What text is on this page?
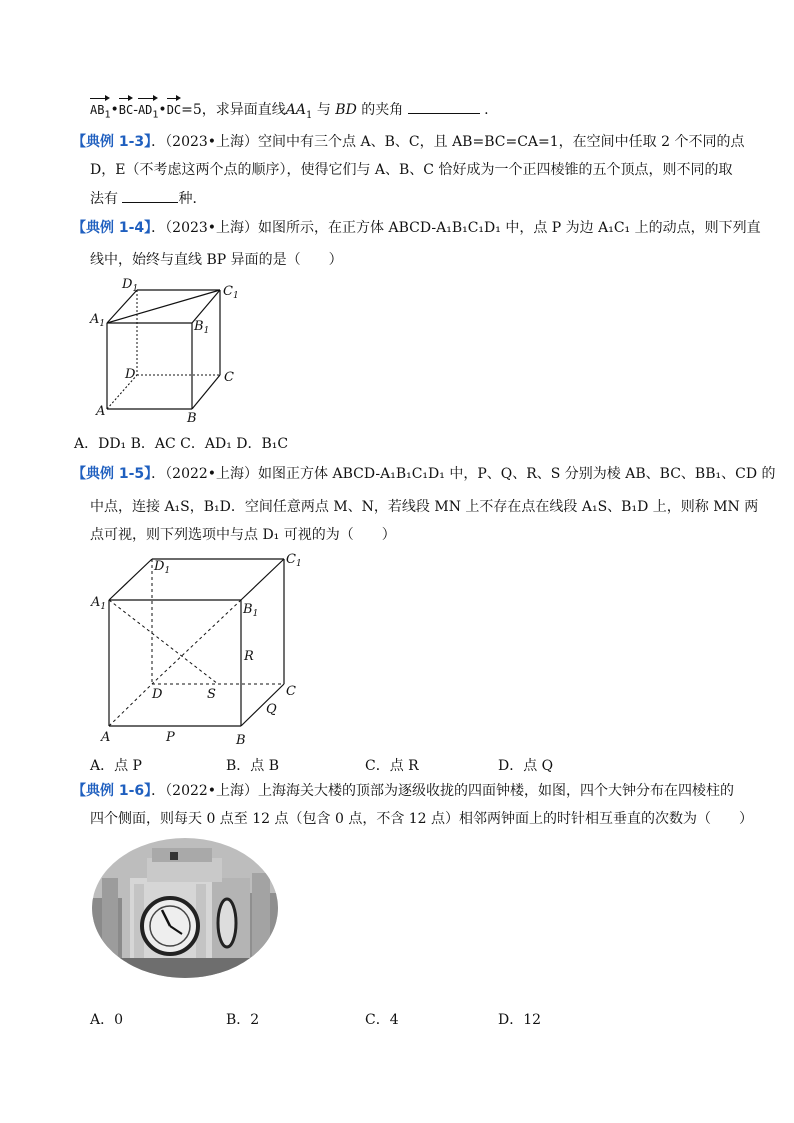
$AB_1•BC-AD_1•DC=5$，求异面直线$AA_1$ 与 BD 的夹角	.
【典例 1-3】．（2023•上海）空间中有三个点 A、B、C，且 AB=BC=CA=1，在空间中任取 2 个不同的点
D，E（不考虑这两个点的顺序），使得它们与 A、B、C 恰好成为一个正四棱锥的五个顶点，则不同的取
法有	种．
【典例 1-4】．（2023•上海）如图所示，在正方体 ABCD-A₁B₁C₁D₁ 中，点 P 为边 A₁C₁ 上的动点，则下列直
线中，始终与直线 BP 异面的是（　　）
$D_1$	$C_1$
$A_1$	$B_1$
D	C
A	B
A．DD₁ B．AC C．AD₁ D．B₁C
【典例 1-5】．（2022•上海）如图正方体 ABCD-A₁B₁C₁D₁ 中，P、Q、R、S 分别为棱 AB、BC、BB₁、CD 的
中点，连接 A₁S，B₁D．空间任意两点 M、N，若线段 MN 上不存在点在线段 A₁S、B₁D 上，则称 MN 两
点可视，则下列选项中与点 D₁ 可视的为（　　）
$D_1$
$C_1$
$A_1$	$B_1$
R
D	S	C
Q
A	P	B
A．点 P	B．点 B	C．点 R	D．点 Q
【典例 1-6】．（2022•上海）上海海关大楼的顶部为逐级收拢的四面钟楼，如图，四个大钟分布在四棱柱的
四个侧面，则每天 0 点至 12 点（包含 0 点，不含 12 点）相邻两钟面上的时针相互垂直的次数为（　　）
A．0	B．2	C．4	D．12
